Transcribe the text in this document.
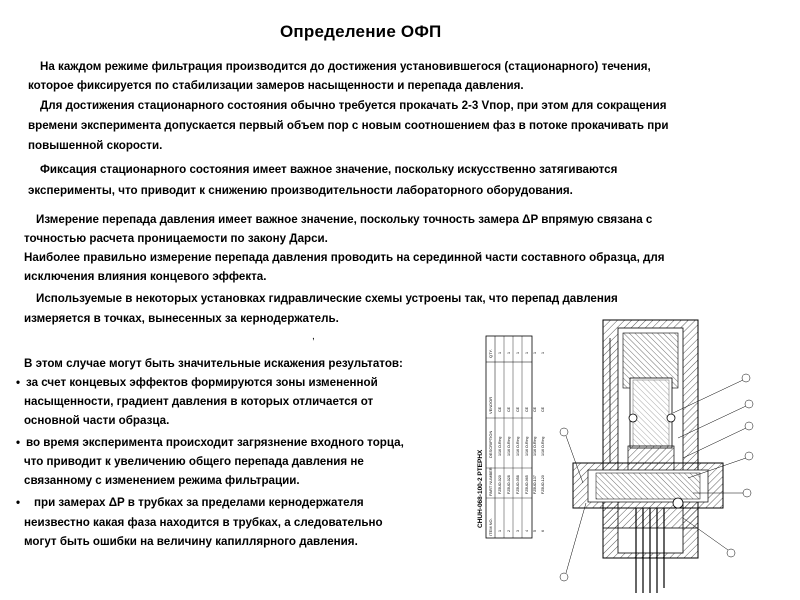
Определение ОФП
На каждом режиме фильтрация производится до достижения установившегося (стационарного) течения,
которое фиксируется по стабилизации замеров насыщенности и перепада давления.
Для достижения стационарного состояния обычно требуется прокачать 2-3 Vпор, при этом для сокращения
времени эксперимента допускается первый объем пор с новым соотношением фаз в потоке прокачивать при
повышенной скорости.
Фиксация стационарного состояния имеет важное значение, поскольку искусственно затягиваются
эксперименты, что приводит к снижению производительности лабораторного оборудования.
Измерение перепада давления имеет важное значение, поскольку точность замера ΔP впрямую связана с
точностью расчета проницаемости по закону Дарси.
Наиболее правильно измерение перепада давления проводить на серединной части составного образца, для
исключения влияния концевого эффекта.
Используемые в некоторых установках гидравлические схемы устроены так, что перепад давления
измеряется в точках, вынесенных за кернодержатель.
,
В этом случае могут быть значительные искажения результатов:
• за счет концевых эффектов формируются зоны измененной
насыщенности, градиент давления в которых отличается от
основной части образца.
• во время эксперимента происходит загрязнение входного торца,
что приводит к увеличению общего перепада давления не
связанному с изменением режима фильтрации.
• при замерах ΔP в трубках за пределами кернодержателя
неизвестно какая фаза находится в трубках, а следовательно
могут быть ошибки на величину капиллярного давления.
CHUH-068-100-2 PTEPHX ITEM NO.
PART NUMBER
DESCRIPTION
VENDOR
QTY.
1
F25UO-020
1/16 O-Ring
CE
1
2
F25UO-028
1/16 O-Ring
CE
1
3
F25UO-058
1/16 O-Ring
CE
1
4
F25UO-065
1/16 O-Ring
CE
1
5
F25UO-137
1/16 O-Ring
CE
1
6
F25UO-120
1/16 O-Ring
CE
1
